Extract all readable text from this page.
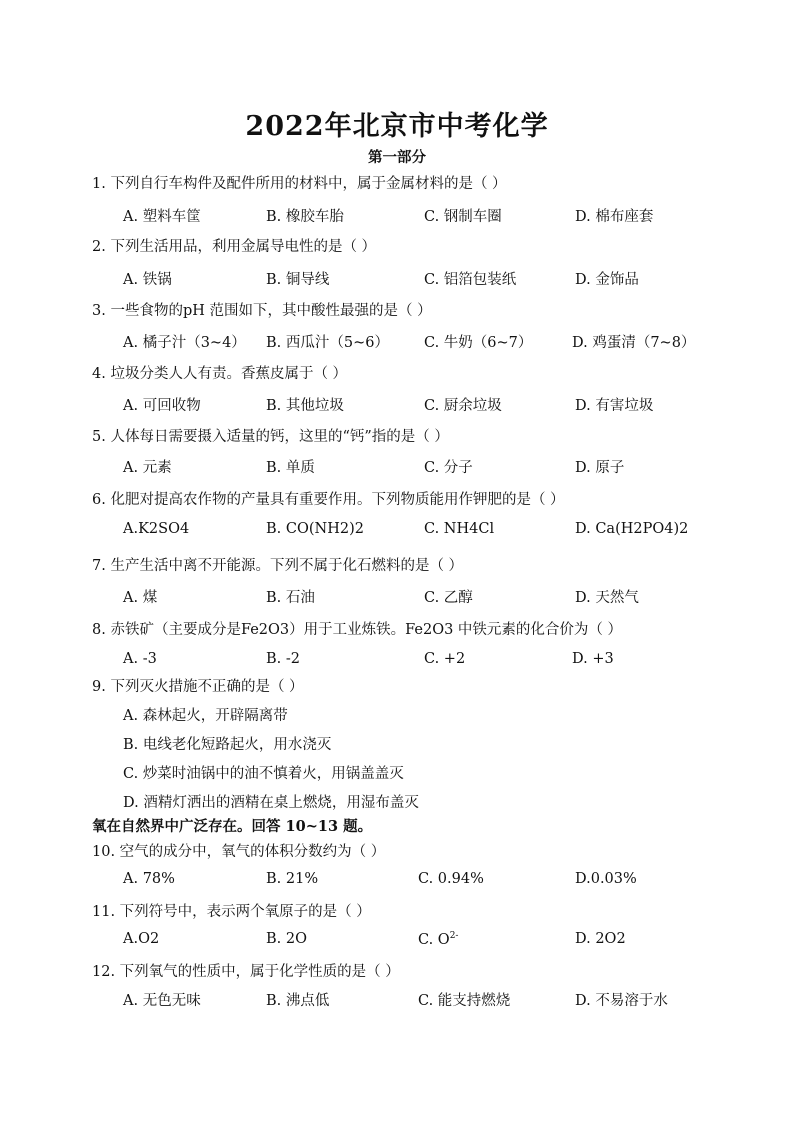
2022年北京市中考化学
第一部分
1. 下列自行车构件及配件所用的材料中，属于金属材料的是（ ）
A. 塑料车筐	B. 橡胶车胎	C. 钢制车圈	D. 棉布座套
2. 下列生活用品，利用金属导电性的是（ ）
A. 铁锅	B. 铜导线	C. 铝箔包装纸	D. 金饰品
3. 一些食物的pH 范围如下，其中酸性最强的是（ ）
A. 橘子汁（3~4） B. 西瓜汁（5~6） C. 牛奶（6~7）	D. 鸡蛋清（7~8）
4. 垃圾分类人人有责。香蕉皮属于（ ）
A. 可回收物	B. 其他垃圾	C. 厨余垃圾	D. 有害垃圾
5. 人体每日需要摄入适量的钙，这里的“钙”指的是（ ）
A. 元素	B. 单质	C. 分子	D. 原子
6. 化肥对提高农作物的产量具有重要作用。下列物质能用作钾肥的是（ ）
A.K2SO4	B. CO(NH2)2	C. NH4Cl	D. Ca(H2PO4)2
7. 生产生活中离不开能源。下列不属于化石燃料的是（ ）
A. 煤	B. 石油	C. 乙醇	D. 天然气
8. 赤铁矿（主要成分是Fe2O3）用于工业炼铁。Fe2O3 中铁元素的化合价为（ ）
A. -3	B. -2	C. +2	D. +3
9. 下列灭火措施不正确的是（ ）
A. 森林起火，开辟隔离带
B. 电线老化短路起火，用水浇灭
C. 炒菜时油锅中的油不慎着火，用锅盖盖灭
D. 酒精灯洒出的酒精在桌上燃烧，用湿布盖灭
氧在自然界中广泛存在。回答 10~13 题。
10. 空气的成分中，氧气的体积分数约为（ ）
A. 78%	B. 21%	C. 0.94%	D.0.03%
11. 下列符号中，表示两个氧原子的是（ ）
A.O2	B. 2O	C. $O^{2-}$	D. 2O2
12. 下列氧气的性质中，属于化学性质的是（ ）
A. 无色无味	B. 沸点低	C. 能支持燃烧	D. 不易溶于水
